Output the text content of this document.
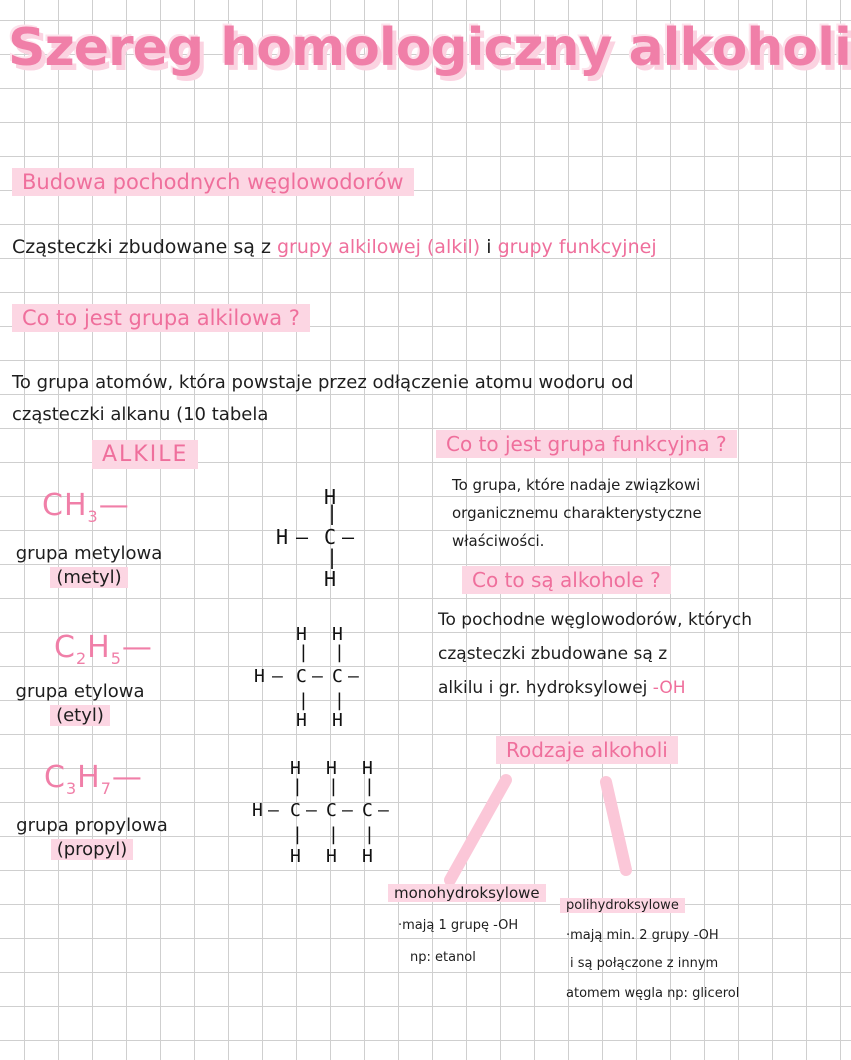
Szereg homologiczny alkoholi
Budowa pochodnych węglowodorów
Cząsteczki zbudowane są z grupy alkilowej (alkil) i grupy funkcyjnej
Co to jest grupa alkilowa ?
To grupa atomów, która powstaje przez odłączenie atomu wodoru od
cząsteczki alkanu (10 tabela
ALKILE
$CH_3—$
grupa metylowa
(metyl)
$C_2H_5—$
grupa etylowa
(etyl)
$C_3H_7—$
grupa propylowa
(propyl)
H
|
H — C —
|
H
H H
| |
H — C — C —
| |
H H
H H H
| | |
H — C — C — C —
| | |
H H H
Co to jest grupa funkcyjna ?
To grupa, które nadaje związkowi
organicznemu charakterystyczne
właściwości.
Co to są alkohole ?
To pochodne węglowodorów, których
cząsteczki zbudowane są z
alkilu i gr. hydroksylowej -OH
Rodzaje alkoholi
monohydroksylowe
·mają 1 grupę -OH
np: etanol
polihydroksylowe
·mają min. 2 grupy -OH
i są połączone z innym
atomem węgla np: glicerol
